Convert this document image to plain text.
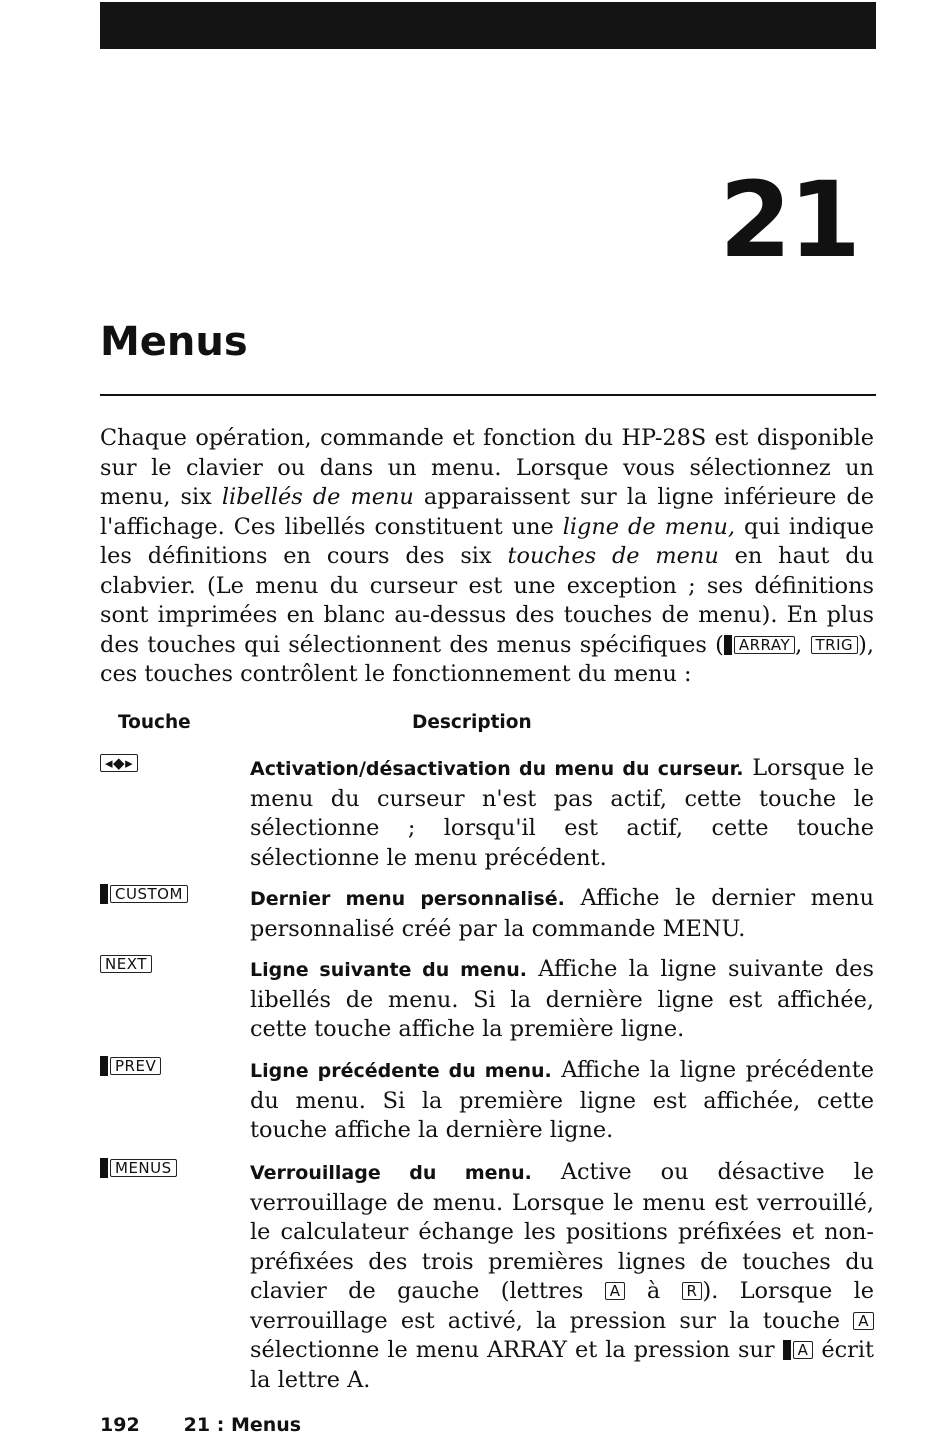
21
Menus
Chaque opération, commande et fonction du HP-28S est disponible sur le clavier ou dans un menu. Lorsque vous sélectionnez un menu, six libellés de menu apparaissent sur la ligne inférieure de l'affichage. Ces libellés constituent une ligne de menu, qui indique les définitions en cours des six touches de menu en haut du clabvier. (Le menu du curseur est une exception ; ses définitions sont imprimées en blanc au-dessus des touches de menu). En plus des touches qui sélectionnent des menus spécifiques ( ARRAY , TRIG ), ces touches contrôlent le fonctionnement du menu :
Touche	Description
◂◆▸	Activation/désactivation du menu du curseur. Lorsque le menu du curseur n'est pas actif, cette touche le sélectionne ; lorsqu'il est actif, cette touche sélectionne le menu précédent.
CUSTOM	Dernier menu personnalisé. Affiche le dernier menu personnalisé créé par la commande MENU.
NEXT	Ligne suivante du menu. Affiche la ligne suivante des libellés de menu. Si la dernière ligne est affichée, cette touche affiche la première ligne.
PREV	Ligne précédente du menu. Affiche la ligne précédente du menu. Si la première ligne est affichée, cette touche affiche la dernière ligne.
MENUS	Verrouillage du menu. Active ou désactive le verrouillage de menu. Lorsque le menu est verrouillé, le calculateur échange les positions préfixées et non-préfixées des trois premières lignes de touches du clavier de gauche (lettres A à R ). Lorsque le verrouillage est activé, la pression sur la touche A sélectionne le menu ARRAY et la pression sur A écrit la lettre A.
192 21 : Menus
